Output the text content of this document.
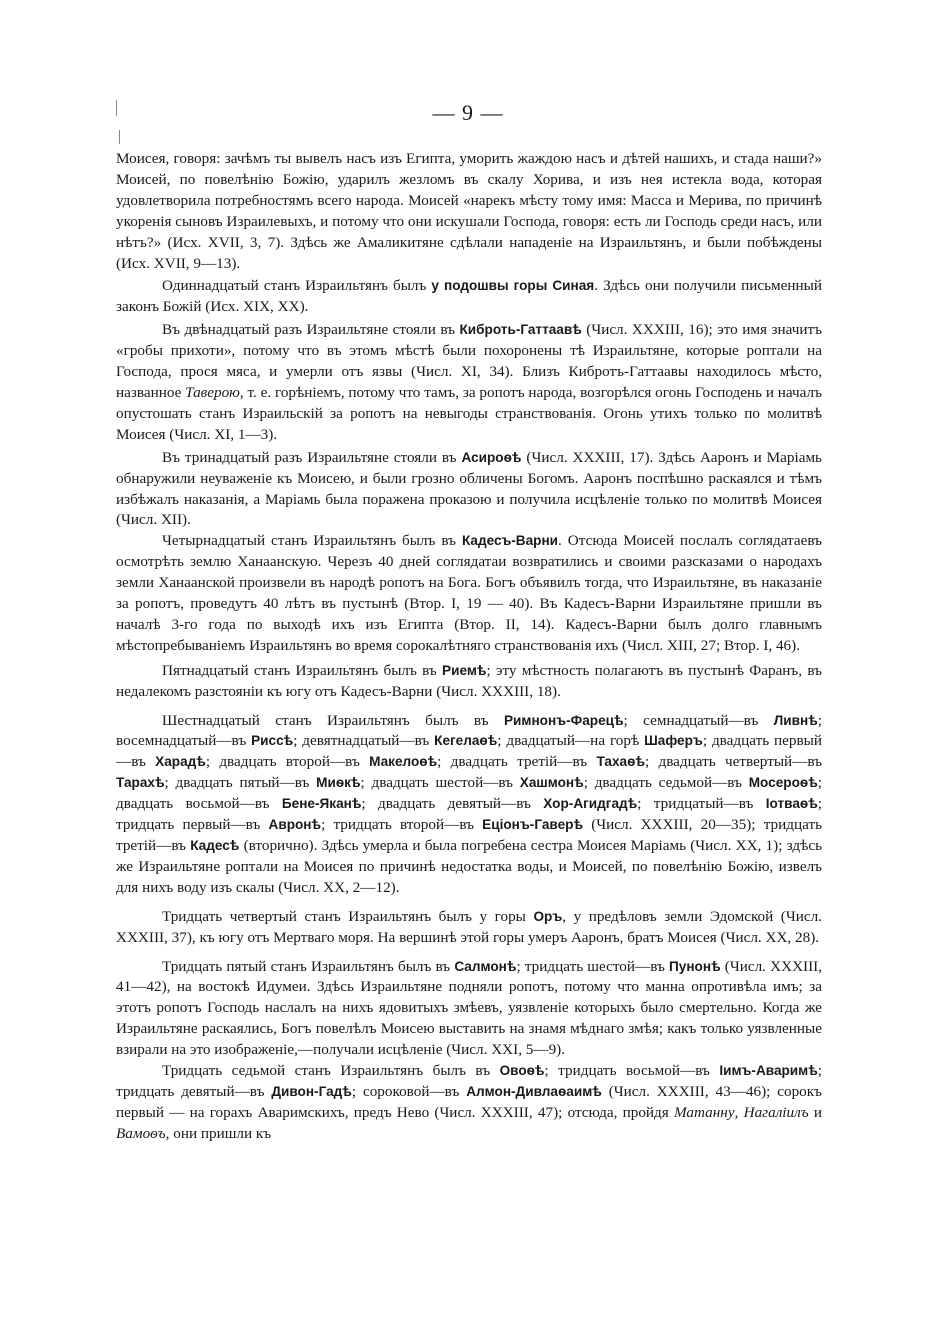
— 9 —

Моисея, говоря: зачѣмъ ты вывелъ насъ изъ Египта, уморить жаждою насъ и дѣтей нашихъ, и стада наши?» Моисей, по повелѣнію Божію, ударилъ жезломъ въ скалу Хорива, и изъ нея истекла вода, которая удовлетворила потребностямъ всего народа. Моисей «нарекъ мѣсту тому имя: Масса и Мерива, по причинѣ укоренія сыновъ Израилевыхъ, и потому что они искушали Господа, говоря: есть ли Господь среди насъ, или нѣтъ?» (Исх. XVII, 3, 7). Здѣсь же Амаликитяне сдѣлали нападеніе на Израильтянъ, и были побѣждены (Исх. XVII, 9—13).

Одиннадцатый станъ Израильтянъ былъ у подошвы горы Синая. Здѣсь они получили письменный законъ Божій (Исх. XIX, XX).

Въ двѣнадцатый разъ Израильтяне стояли въ Киброть-Гаттаавѣ (Числ. XXXIII, 16); это имя значитъ «гробы прихоти», потому что въ этомъ мѣстѣ были похоронены тѣ Израильтяне, которые роптали на Господа, прося мяса, и умерли отъ язвы (Числ. XI, 34). Близъ Кибротъ-Гаттаавы находилось мѣсто, названное Таверою, т. е. горѣніемъ, потому что тамъ, за ропотъ народа, возгорѣлся огонь Господень и началъ опустошать станъ Израильскій за ропотъ на невыгоды странствованія. Огонь утихъ только по молитвѣ Моисея (Числ. XI, 1—3).

Въ тринадцатый разъ Израильтяне стояли въ Асироѳѣ (Числ. XXXIII, 17). Здѣсь Ааронъ и Маріамь обнаружили неуваженіе къ Моисею, и были грозно обличены Богомъ. Ааронъ поспѣшно раскаялся и тѣмъ избѣжалъ наказанія, а Маріамь была поражена проказою и получила исцѣленіе только по молитвѣ Моисея (Числ. XII).

Четырнадцатый станъ Израильтянъ былъ въ Кадесъ-Варни. Отсюда Моисей послалъ соглядатаевъ осмотрѣть землю Ханаанскую. Черезъ 40 дней соглядатаи возвратились и своими разсказами о народахъ земли Ханаанской произвели въ народѣ ропотъ на Бога. Богъ объявилъ тогда, что Израильтяне, въ наказаніе за ропотъ, проведутъ 40 лѣтъ въ пустынѣ (Втор. I, 19 — 40). Въ Кадесъ-Варни Израильтяне пришли въ началѣ 3-го года по выходѣ ихъ изъ Египта (Втор. II, 14). Кадесъ-Варни былъ долго главнымъ мѣстопребываніемъ Израильтянъ во время сорокалѣтняго странствованія ихъ (Числ. XIII, 27; Втор. I, 46).

Пятнадцатый станъ Израильтянъ былъ въ Риемѣ; эту мѣстность полагаютъ въ пустынѣ Фаранъ, въ недалекомъ разстояніи къ югу отъ Кадесъ-Варни (Числ. XXXIII, 18).

Шестнадцатый станъ Израильтянъ былъ въ Римнонъ-Фарецѣ; семнадцатый—въ Ливнѣ; восемнадцатый—въ Риссѣ; девятнадцатый—въ Кегелаѳѣ; двадцатый—на горѣ Шаферъ; двадцать первый—въ Харадѣ; двадцать второй—въ Макелоѳѣ; двадцать третій—въ Тахаѳѣ; двадцать четвертый—въ Тарахѣ; двадцать пятый—въ Миѳкѣ; двадцать шестой—въ Хашмонѣ; двадцать седьмой—въ Мосероѳѣ; двадцать восьмой—въ Бене-Яканѣ; двадцать девятый—въ Хор-Агидгадѣ; тридцатый—въ Іотваѳѣ; тридцать первый—въ Авронѣ; тридцать второй—въ Еціонъ-Гаверѣ (Числ. XXXIII, 20—35); тридцать третій—въ Кадесѣ (вторично). Здѣсь умерла и была погребена сестра Моисея Маріамь (Числ. XX, 1); здѣсь же Израильтяне роптали на Моисея по причинѣ недостатка воды, и Моисей, по повелѣнію Божію, извелъ для нихъ воду изъ скалы (Числ. XX, 2—12).

Тридцать четвертый станъ Израильтянъ былъ у горы Оръ, у предѣловъ земли Эдомской (Числ. XXXIII, 37), къ югу отъ Мертваго моря. На вершинѣ этой горы умеръ Ааронъ, братъ Моисея (Числ. XX, 28).

Тридцать пятый станъ Израильтянъ былъ въ Салмонѣ; тридцать шестой—въ Пунонѣ (Числ. XXXIII, 41—42), на востокѣ Идумеи. Здѣсь Израильтяне подняли ропотъ, потому что манна опротивѣла имъ; за этотъ ропотъ Господь наслалъ на нихъ ядовитыхъ змѣевъ, уязвленіе которыхъ было смертельно. Когда же Израильтяне раскаялись, Богъ повелѣлъ Моисею выставить на знамя мѣднаго змѣя; какъ только уязвленные взирали на это изображеніе,—получали исцѣленіе (Числ. XXI, 5—9).

Тридцать седьмой станъ Израильтянъ былъ въ Овоѳѣ; тридцать восьмой—въ Іимъ-Аваримѣ; тридцать девятый—въ Дивон-Гадѣ; сороковой—въ Алмон-Дивлаѳаимѣ (Числ. XXXIII, 43—46); сорокъ первый — на горахъ Аваримскихъ, предъ Нево (Числ. XXXIII, 47); отсюда, пройдя Матанну, Нагаліилъ и Вамоѳъ, они пришли къ
